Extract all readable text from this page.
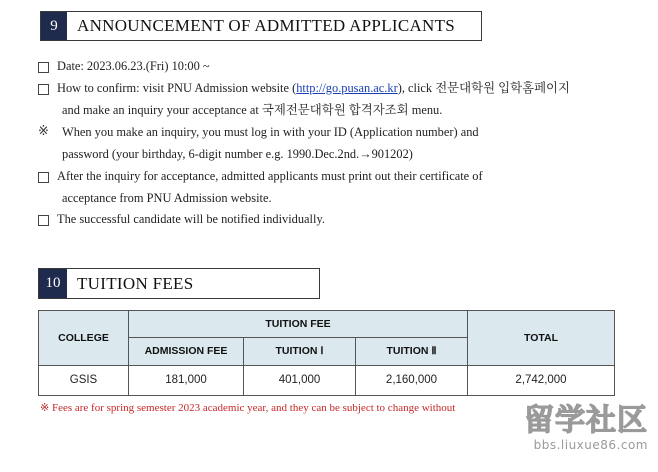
9	ANNOUNCEMENT OF ADMITTED APPLICANTS
Date: 2023.06.23.(Fri) 10:00 ~
How to confirm: visit PNU Admission website (http://go.pusan.ac.kr), click 전문대학원 입학홈페이지
and make an inquiry your acceptance at 국제전문대학원 합격자조회 menu.
※ When you make an inquiry, you must log in with your ID (Application number) and
password (your birthday, 6-digit number e.g. 1990.Dec.2nd.→901202)
After the inquiry for acceptance, admitted applicants must print out their certificate of
acceptance from PNU Admission website.
The successful candidate will be notified individually.
10 TUITION FEES
COLLEGE	TUITION FEE			TOTAL
	ADMISSION FEE	TUITION Ⅰ	TUITION Ⅱ	
GSIS	181,000	401,000	2,160,000	2,742,000
※ Fees are for spring semester 2023 academic year, and they can be subject to change without 留学社区
bbs.liuxue86.com
